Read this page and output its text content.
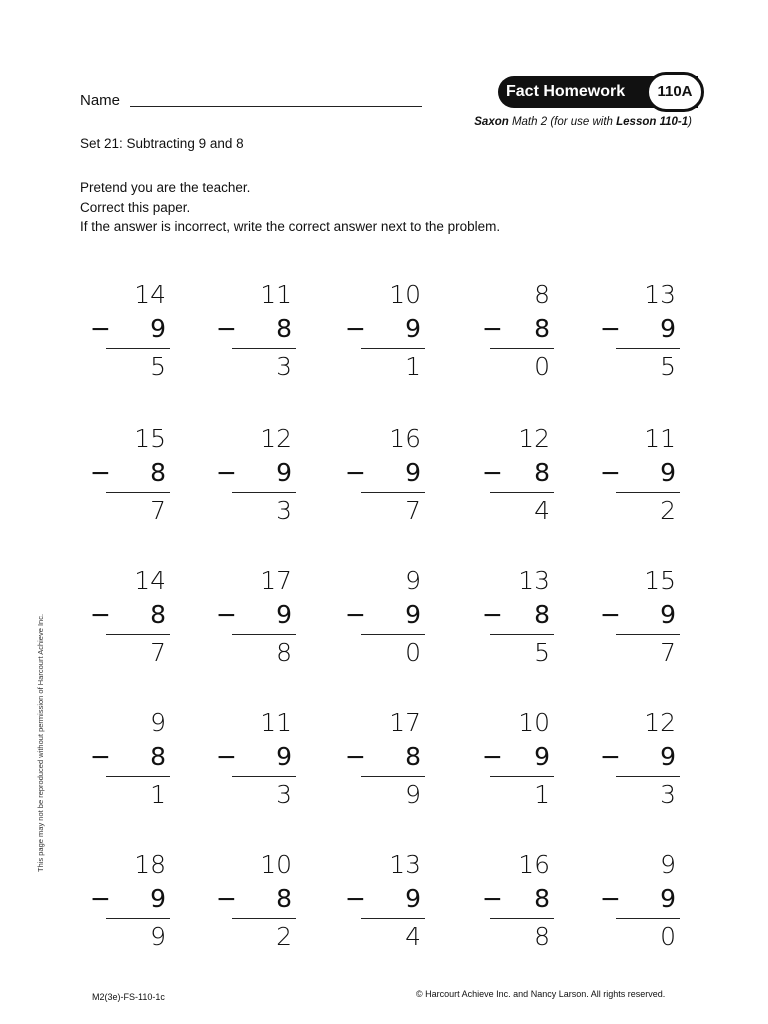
Name
Fact Homework	110A
Saxon Math 2 (for use with Lesson 110-1)
Set 21: Subtracting 9 and 8
Pretend you are the teacher.
Correct this paper.
If the answer is incorrect, write the correct answer next to the problem.
14
− 9
5
11
− 8
3
10
− 9
1
8
− 8
0
13
− 9
5
15
− 8
7
12
− 9
3
16
− 9
7
12
− 8
4
11
− 9
2
14
− 8
7
17
− 9
8
9
− 9
0
13
− 8
5
15
− 9
7
9
− 8
1
11
− 9
3
17
− 8
9
10
− 9
1
12
− 9
3
18
− 9
9
10
− 8
2
13
− 9
4
16
− 8
8
9
− 9
0
This page may not be reproduced without permission of Harcourt Achieve Inc.
M2(3e)-FS-110-1c	© Harcourt Achieve Inc. and Nancy Larson. All rights reserved.
